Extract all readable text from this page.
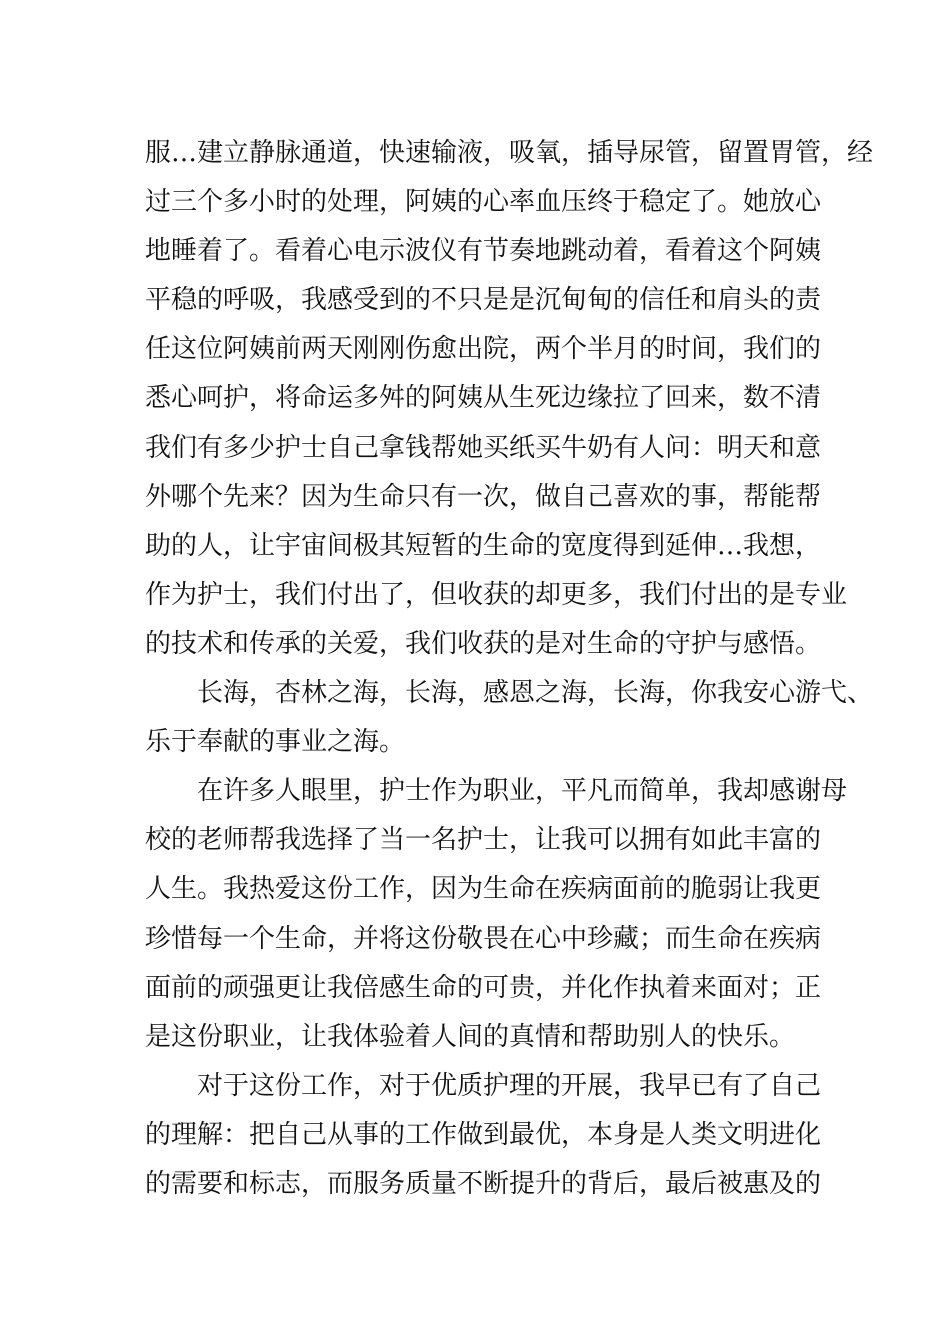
服…建立静脉通道，快速输液，吸氧，插导尿管，留置胃管，经
过三个多小时的处理，阿姨的心率血压终于稳定了。她放心
地睡着了。看着心电示波仪有节奏地跳动着，看着这个阿姨
平稳的呼吸，我感受到的不只是是沉甸甸的信任和肩头的责
任这位阿姨前两天刚刚伤愈出院，两个半月的时间，我们的
悉心呵护，将命运多舛的阿姨从生死边缘拉了回来，数不清
我们有多少护士自己拿钱帮她买纸买牛奶有人问：明天和意
外哪个先来？因为生命只有一次，做自己喜欢的事，帮能帮
助的人，让宇宙间极其短暂的生命的宽度得到延伸…我想，
作为护士，我们付出了，但收获的却更多，我们付出的是专业
的技术和传承的关爱，我们收获的是对生命的守护与感悟。
长海，杏林之海，长海，感恩之海，长海，你我安心游弋、
乐于奉献的事业之海。
在许多人眼里，护士作为职业，平凡而简单，我却感谢母
校的老师帮我选择了当一名护士，让我可以拥有如此丰富的
人生。我热爱这份工作，因为生命在疾病面前的脆弱让我更
珍惜每一个生命，并将这份敬畏在心中珍藏；而生命在疾病
面前的顽强更让我倍感生命的可贵，并化作执着来面对；正
是这份职业，让我体验着人间的真情和帮助别人的快乐。
对于这份工作，对于优质护理的开展，我早已有了自己
的理解：把自己从事的工作做到最优，本身是人类文明进化
的需要和标志，而服务质量不断提升的背后，最后被惠及的
